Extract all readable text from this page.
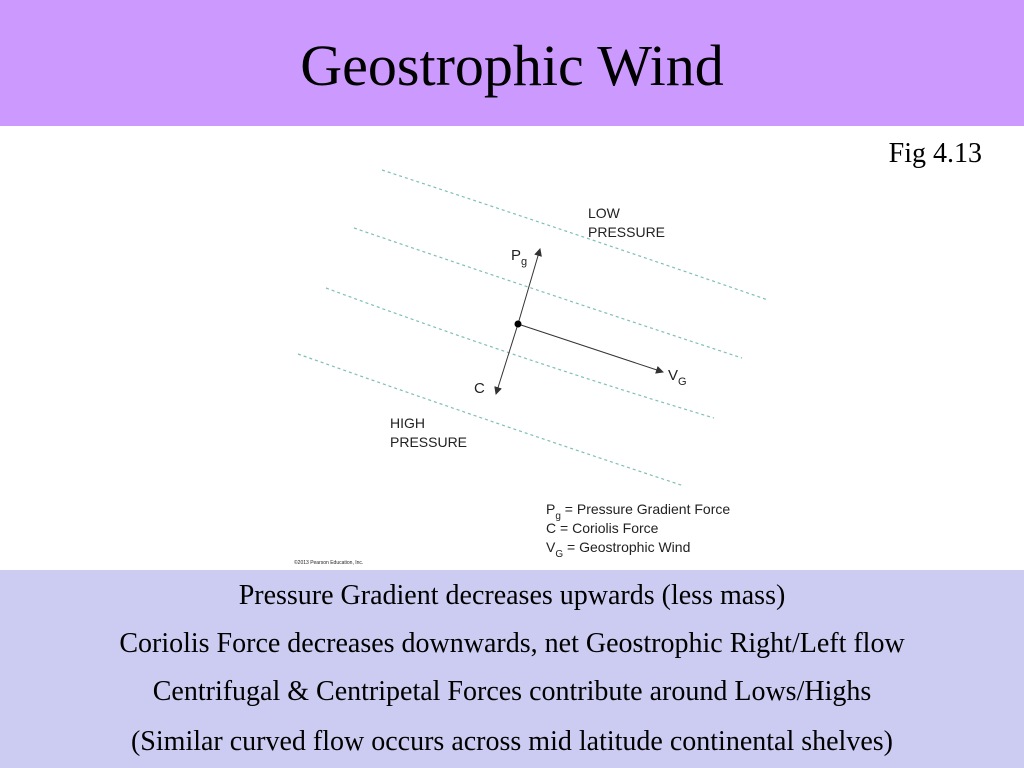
Geostrophic Wind
Fig 4.13
LOW
PRESSURE
HIGH
PRESSURE
$P_g$
C
$V_G$
$P_g$ = Pressure Gradient Force
C = Coriolis Force
$V_G$ = Geostrophic Wind
©2013 Pearson Education, Inc.
Pressure Gradient decreases upwards (less mass)
Coriolis Force decreases downwards, net Geostrophic Right/Left flow
Centrifugal & Centripetal Forces contribute around Lows/Highs
(Similar curved flow occurs across mid latitude continental shelves)
